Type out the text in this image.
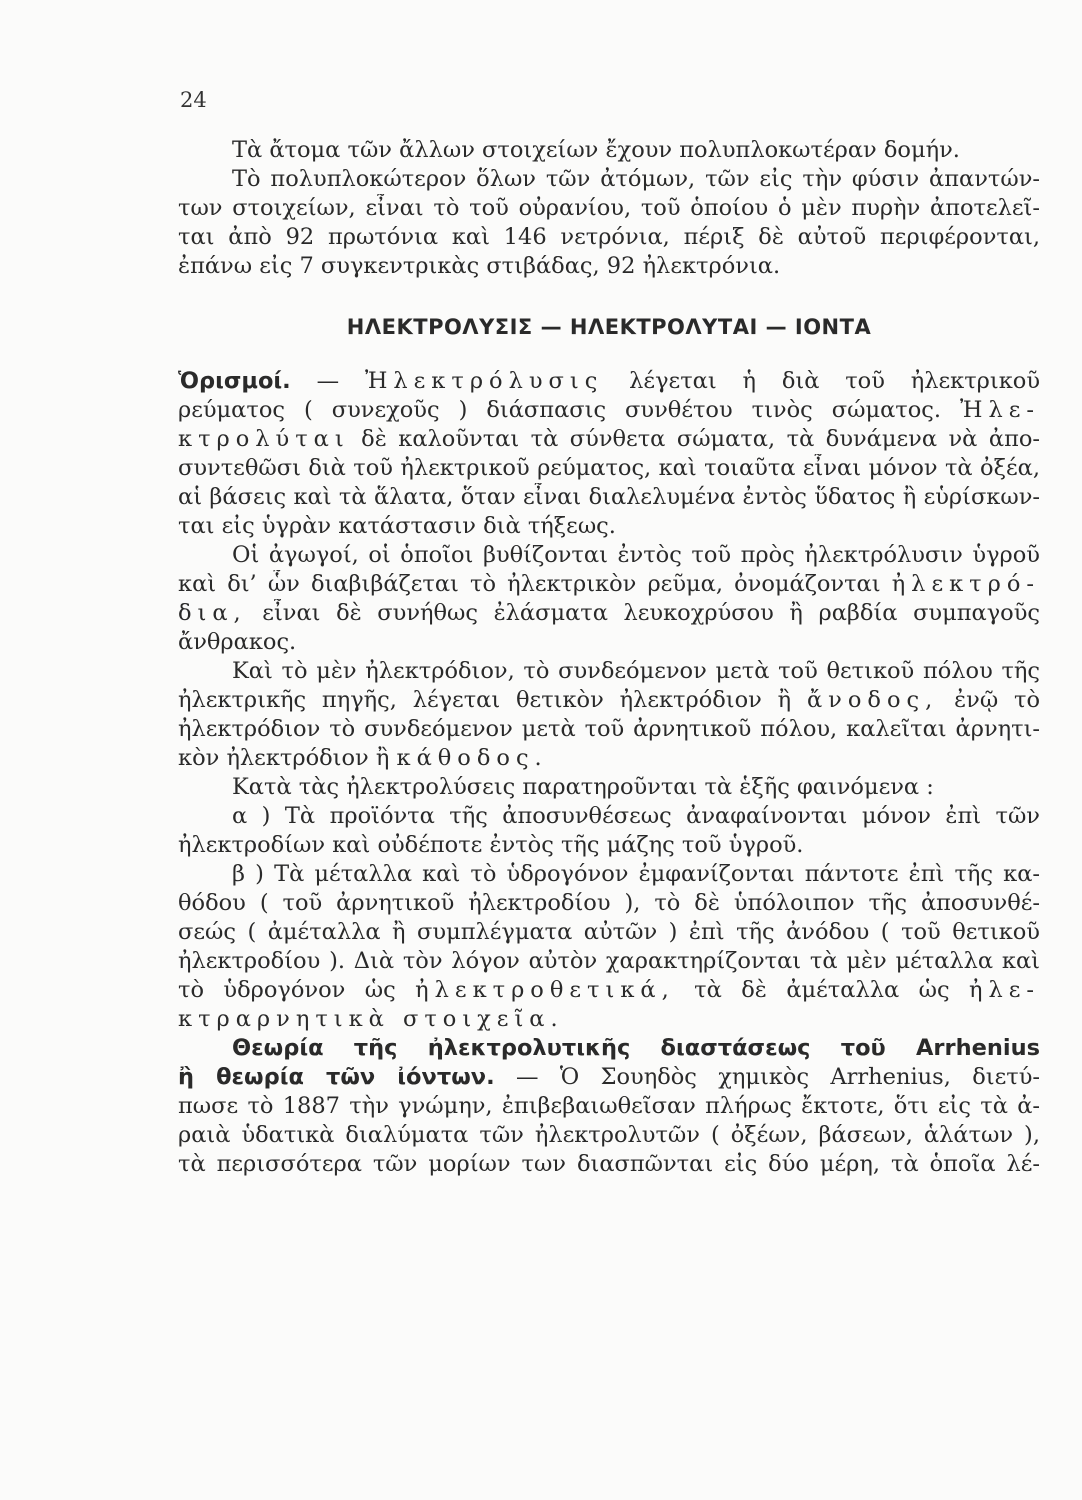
24
Τὰ ἄτομα τῶν ἄλλων στοιχείων ἔχουν πολυπλοκωτέραν δομήν.
Τὸ πολυπλοκώτερον ὅλων τῶν ἀτόμων, τῶν εἰς τὴν φύσιν ἀπαντών-
των στοιχείων, εἶναι τὸ τοῦ οὐρανίου, τοῦ ὁποίου ὁ μὲν πυρὴν ἀποτελεῖ-
ται ἀπὸ 92 πρωτόνια καὶ 146 νετρόνια, πέριξ δὲ αὐτοῦ περιφέρονται,
ἐπάνω εἰς 7 συγκεντρικὰς στιβάδας, 92 ἠλεκτρόνια.
ΗΛΕΚΤΡΟΛΥΣΙΣ — ΗΛΕΚΤΡΟΛΥΤΑΙ — ΙΟΝΤΑ
Ὁρισμοί. — Ἠλεκτρόλυσις λέγεται ἡ διὰ τοῦ ἠλεκτρικοῦ
ρεύματος ( συνεχοῦς ) διάσπασις συνθέτου τινὸς σώματος. Ἠλε-
κτρολύται δὲ καλοῦνται τὰ σύνθετα σώματα, τὰ δυνάμενα νὰ ἀπο-
συντεθῶσι διὰ τοῦ ἠλεκτρικοῦ ρεύματος, καὶ τοιαῦτα εἶναι μόνον τὰ ὀξέα,
αἱ βάσεις καὶ τὰ ἅλατα, ὅταν εἶναι διαλελυμένα ἐντὸς ὕδατος ἢ εὑρίσκων-
ται εἰς ὑγρὰν κατάστασιν διὰ τήξεως.
Οἱ ἀγωγοί, οἱ ὁποῖοι βυθίζονται ἐντὸς τοῦ πρὸς ἠλεκτρόλυσιν ὑγροῦ
καὶ δι’ ὧν διαβιβάζεται τὸ ἠλεκτρικὸν ρεῦμα, ὀνομάζονται ἠλεκτρό-
δια, εἶναι δὲ συνήθως ἐλάσματα λευκοχρύσου ἢ ραβδία συμπαγοῦς
ἄνθρακος.
Καὶ τὸ μὲν ἠλεκτρόδιον, τὸ συνδεόμενον μετὰ τοῦ θετικοῦ πόλου τῆς
ἠλεκτρικῆς πηγῆς, λέγεται θετικὸν ἠλεκτρόδιον ἢ ἄνοδος, ἐνῷ τὸ
ἠλεκτρόδιον τὸ συνδεόμενον μετὰ τοῦ ἀρνητικοῦ πόλου, καλεῖται ἀρνητι-
κὸν ἠλεκτρόδιον ἢ κάθοδος.
Κατὰ τὰς ἠλεκτρολύσεις παρατηροῦνται τὰ ἑξῆς φαινόμενα :
α ) Τὰ προϊόντα τῆς ἀποσυνθέσεως ἀναφαίνονται μόνον ἐπὶ τῶν
ἠλεκτροδίων καὶ οὐδέποτε ἐντὸς τῆς μάζης τοῦ ὑγροῦ.
β ) Τὰ μέταλλα καὶ τὸ ὑδρογόνον ἐμφανίζονται πάντοτε ἐπὶ τῆς κα-
θόδου ( τοῦ ἀρνητικοῦ ἠλεκτροδίου ), τὸ δὲ ὑπόλοιπον τῆς ἀποσυνθέ-
σεώς ( ἀμέταλλα ἢ συμπλέγματα αὐτῶν ) ἐπὶ τῆς ἀνόδου ( τοῦ θετικοῦ
ἠλεκτροδίου ). Διὰ τὸν λόγον αὐτὸν χαρακτηρίζονται τὰ μὲν μέταλλα καὶ
τὸ ὑδρογόνον ὡς ἠλεκτροθετικά, τὰ δὲ ἀμέταλλα ὡς ἠλε-
κτραρνητικὰ στοιχεῖα.
Θεωρία τῆς ἠλεκτρολυτικῆς διαστάσεως τοῦ Arrhenius
ἢ θεωρία τῶν ἰόντων. — Ὁ Σουηδὸς χημικὸς Arrhenius, διετύ-
πωσε τὸ 1887 τὴν γνώμην, ἐπιβεβαιωθεῖσαν πλήρως ἔκτοτε, ὅτι εἰς τὰ ἀ-
ραιὰ ὑδατικὰ διαλύματα τῶν ἠλεκτρολυτῶν ( ὀξέων, βάσεων, ἁλάτων ),
τὰ περισσότερα τῶν μορίων των διασπῶνται εἰς δύο μέρη, τὰ ὁποῖα λέ-
